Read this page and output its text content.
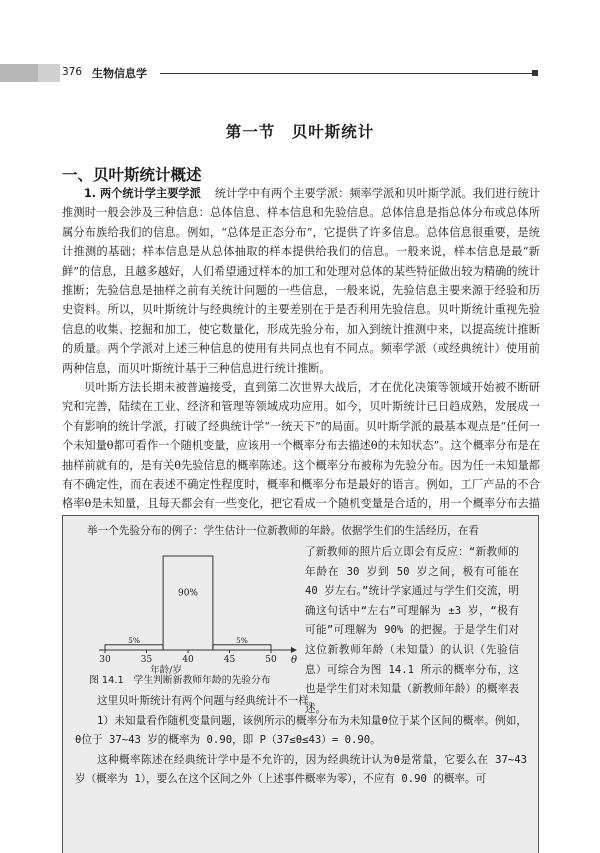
376 生物信息学
第一节　贝叶斯统计
一、贝叶斯统计概述
1. 两个统计学主要学派 统计学中有两个主要学派：频率学派和贝叶斯学派。我们进行统计推测时一般会涉及三种信息：总体信息、样本信息和先验信息。总体信息是指总体分布或总体所属分布族给我们的信息。例如，“总体是正态分布”，它提供了许多信息。总体信息很重要，是统计推测的基础；样本信息是从总体抽取的样本提供给我们的信息。一般来说，样本信息是最“新鲜”的信息，且越多越好，人们希望通过样本的加工和处理对总体的某些特征做出较为精确的统计推断；先验信息是抽样之前有关统计问题的一些信息，一般来说，先验信息主要来源于经验和历史资料。所以，贝叶斯统计与经典统计的主要差别在于是否利用先验信息。贝叶斯统计重视先验信息的收集、挖掘和加工，使它数量化，形成先验分布，加入到统计推测中来，以提高统计推断的质量。两个学派对上述三种信息的使用有共同点也有不同点。频率学派（或经典统计）使用前两种信息，而贝叶斯统计基于三种信息进行统计推断。
贝叶斯方法长期未被普遍接受，直到第二次世界大战后，才在优化决策等领域开始被不断研究和完善，陆续在工业、经济和管理等领域成功应用。如今，贝叶斯统计已日趋成熟，发展成一个有影响的统计学派，打破了经典统计学“一统天下”的局面。贝叶斯学派的最基本观点是“任何一个未知量θ都可看作一个随机变量，应该用一个概率分布去描述θ的未知状态”。这个概率分布是在抽样前就有的，是有关θ先验信息的概率陈述。这个概率分布被称为先验分布。因为任一未知量都有不确定性，而在表述不确定性程度时，概率和概率分布是最好的语言。例如，工厂产品的不合格率θ是未知量，且每天都会有一些变化，把它看成一个随机变量是合适的，用一个概率分布去描
举一个先验分布的例子：学生估计一位新教师的年龄。依据学生们的生活经历，在看
5%
90%
5%
30	35	40	45	50 θ
年龄/岁
图 14.1　学生判断新教师年龄的先验分布
了新教师的照片后立即会有反应：“新教师的年龄在 30 岁到 50 岁之间，极有可能在 40 岁左右。”统计学家通过与学生们交流，明确这句话中“左右”可理解为 ±3 岁，“极有可能”可理解为 90% 的把握。于是学生们对这位新教师年龄（未知量）的认识（先验信息）可综合为图 14.1 所示的概率分布，这也是学生们对未知量（新教师年龄）的概率表述。

这里贝叶斯统计有两个问题与经典统计不一样。

1）未知量看作随机变量问题，该例所示的概率分布为未知量θ位于某个区间的概率。例如，θ位于 37~43 岁的概率为 0.90，即 P（37≤θ≤43）= 0.90。

这种概率陈述在经典统计学中是不允许的，因为经典统计认为θ是常量，它要么在 37~43 岁（概率为 1），要么在这个区间之外（上述事件概率为零），不应有 0.90 的概率。可
